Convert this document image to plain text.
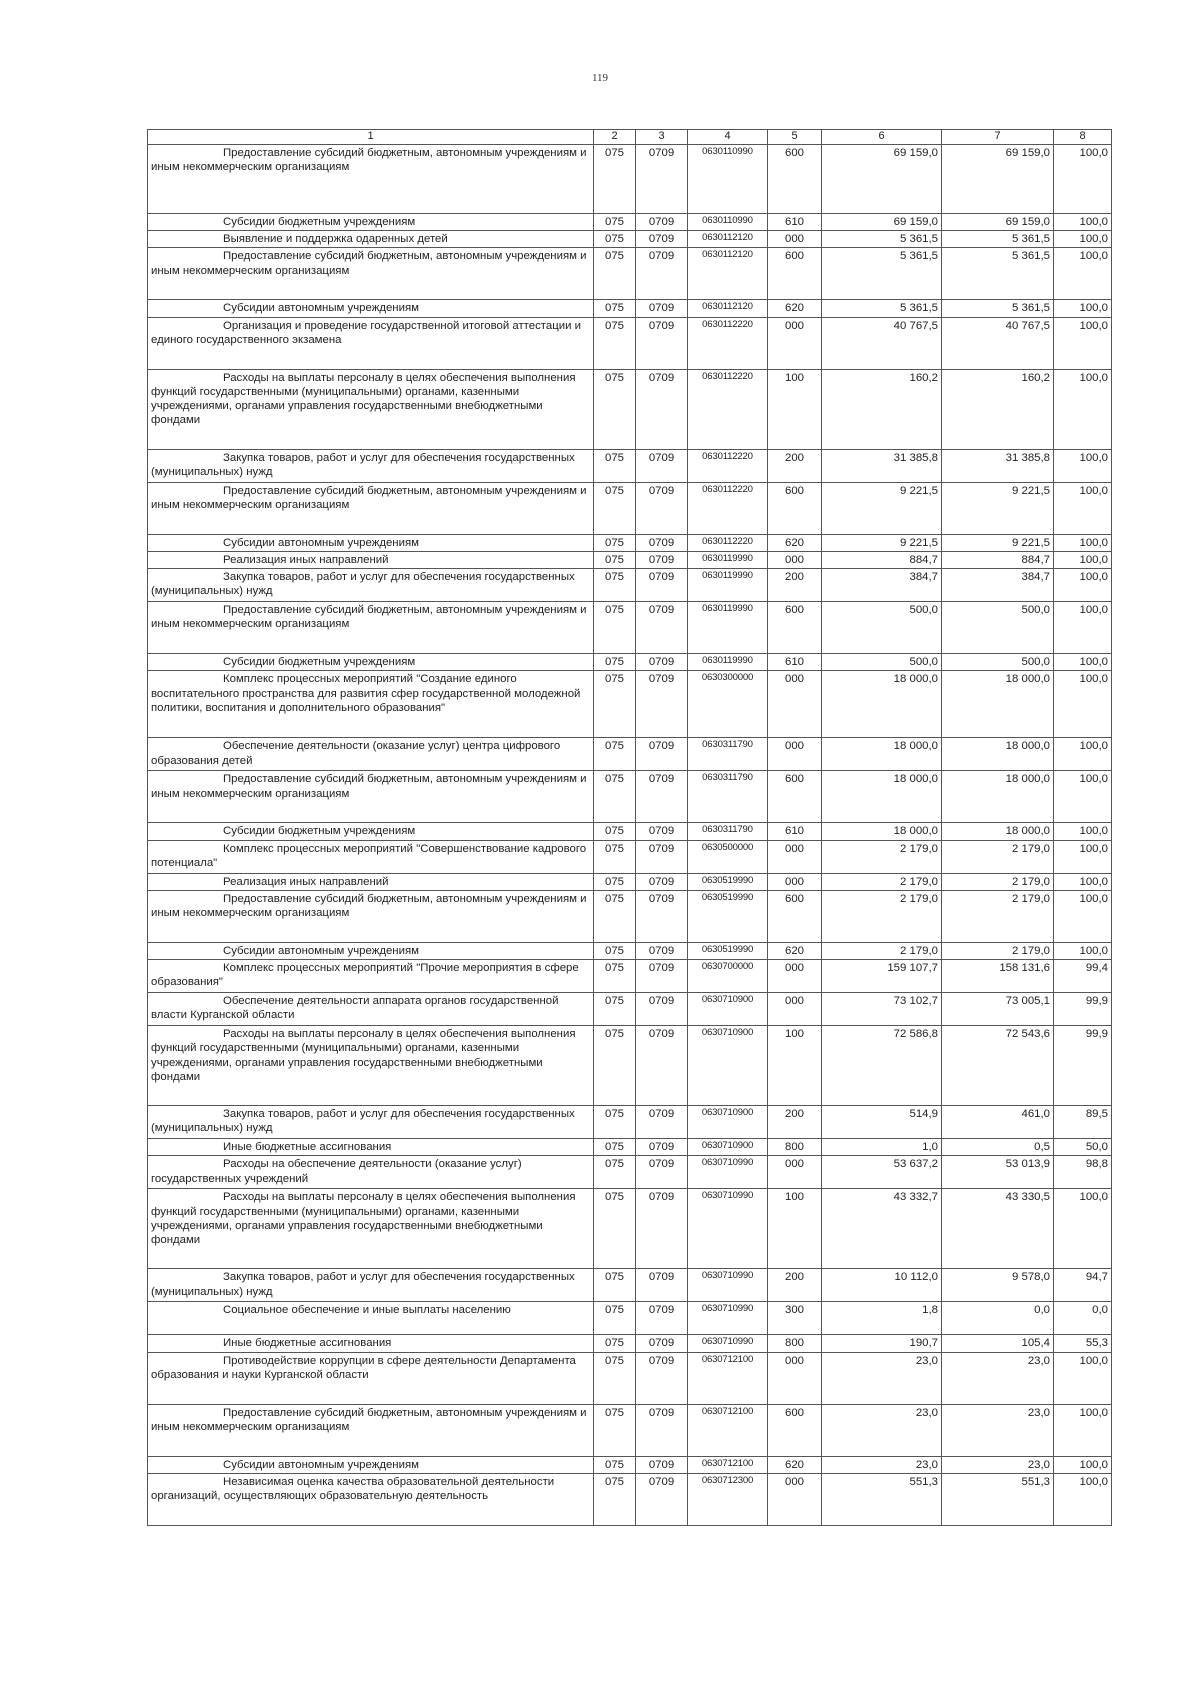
119
1	2	3	4	5	6	7	8

Предоставление субсидий бюджетным, автономным учреждениям и иным некоммерческим организациям	075	0709	0630110990	600	69 159,0	69 159,0	100,0

Субсидии бюджетным учреждениям	075	0709	0630110990	610	69 159,0	69 159,0	100,0

Выявление и поддержка одаренных детей	075	0709	0630112120	000	5 361,5	5 361,5	100,0

Предоставление субсидий бюджетным, автономным учреждениям и иным некоммерческим организациям	075	0709	0630112120	600	5 361,5	5 361,5	100,0

Субсидии автономным учреждениям	075	0709	0630112120	620	5 361,5	5 361,5	100,0

Организация и проведение государственной итоговой аттестации и единого государственного экзамена	075	0709	0630112220	000	40 767,5	40 767,5	100,0

Расходы на выплаты персоналу в целях обеспечения выполнения функций государственными (муниципальными) органами, казенными учреждениями, органами управления государственными внебюджетными фондами	075	0709	0630112220	100	160,2	160,2	100,0

Закупка товаров, работ и услуг для обеспечения государственных (муниципальных) нужд	075	0709	0630112220	200	31 385,8	31 385,8	100,0

Предоставление субсидий бюджетным, автономным учреждениям и иным некоммерческим организациям	075	0709	0630112220	600	9 221,5	9 221,5	100,0

Субсидии автономным учреждениям	075	0709	0630112220	620	9 221,5	9 221,5	100,0

Реализация иных направлений	075	0709	0630119990	000	884,7	884,7	100,0

Закупка товаров, работ и услуг для обеспечения государственных (муниципальных) нужд	075	0709	0630119990	200	384,7	384,7	100,0

Предоставление субсидий бюджетным, автономным учреждениям и иным некоммерческим организациям	075	0709	0630119990	600	500,0	500,0	100,0

Субсидии бюджетным учреждениям	075	0709	0630119990	610	500,0	500,0	100,0

Комплекс процессных мероприятий "Создание единого воспитательного пространства для развития сфер государственной молодежной политики, воспитания и дополнительного образования"	075	0709	0630300000	000	18 000,0	18 000,0	100,0

Обеспечение деятельности (оказание услуг) центра цифрового образования детей	075	0709	0630311790	000	18 000,0	18 000,0	100,0

Предоставление субсидий бюджетным, автономным учреждениям и иным некоммерческим организациям	075	0709	0630311790	600	18 000,0	18 000,0	100,0

Субсидии бюджетным учреждениям	075	0709	0630311790	610	18 000,0	18 000,0	100,0

Комплекс процессных мероприятий "Совершенствование кадрового потенциала"	075	0709	0630500000	000	2 179,0	2 179,0	100,0

Реализация иных направлений	075	0709	0630519990	000	2 179,0	2 179,0	100,0

Предоставление субсидий бюджетным, автономным учреждениям и иным некоммерческим организациям	075	0709	0630519990	600	2 179,0	2 179,0	100,0

Субсидии автономным учреждениям	075	0709	0630519990	620	2 179,0	2 179,0	100,0

Комплекс процессных мероприятий "Прочие мероприятия в сфере образования"	075	0709	0630700000	000	159 107,7	158 131,6	99,4

Обеспечение деятельности аппарата органов государственной власти Курганской области	075	0709	0630710900	000	73 102,7	73 005,1	99,9

Расходы на выплаты персоналу в целях обеспечения выполнения функций государственными (муниципальными) органами, казенными учреждениями, органами управления государственными внебюджетными фондами	075	0709	0630710900	100	72 586,8	72 543,6	99,9

Закупка товаров, работ и услуг для обеспечения государственных (муниципальных) нужд	075	0709	0630710900	200	514,9	461,0	89,5

Иные бюджетные ассигнования	075	0709	0630710900	800	1,0	0,5	50,0

Расходы на обеспечение деятельности (оказание услуг) государственных учреждений	075	0709	0630710990	000	53 637,2	53 013,9	98,8

Расходы на выплаты персоналу в целях обеспечения выполнения функций государственными (муниципальными) органами, казенными учреждениями, органами управления государственными внебюджетными фондами	075	0709	0630710990	100	43 332,7	43 330,5	100,0

Закупка товаров, работ и услуг для обеспечения государственных (муниципальных) нужд	075	0709	0630710990	200	10 112,0	9 578,0	94,7

Социальное обеспечение и иные выплаты населению	075	0709	0630710990	300	1,8	0,0	0,0

Иные бюджетные ассигнования	075	0709	0630710990	800	190,7	105,4	55,3

Противодействие коррупции в сфере деятельности Департамента образования и науки Курганской области	075	0709	0630712100	000	23,0	23,0	100,0

Предоставление субсидий бюджетным, автономным учреждениям и иным некоммерческим организациям	075	0709	0630712100	600	23,0	23,0	100,0

Субсидии автономным учреждениям	075	0709	0630712100	620	23,0	23,0	100,0

Независимая оценка качества образовательной деятельности организаций, осуществляющих образовательную деятельность	075	0709	0630712300	000	551,3	551,3	100,0
